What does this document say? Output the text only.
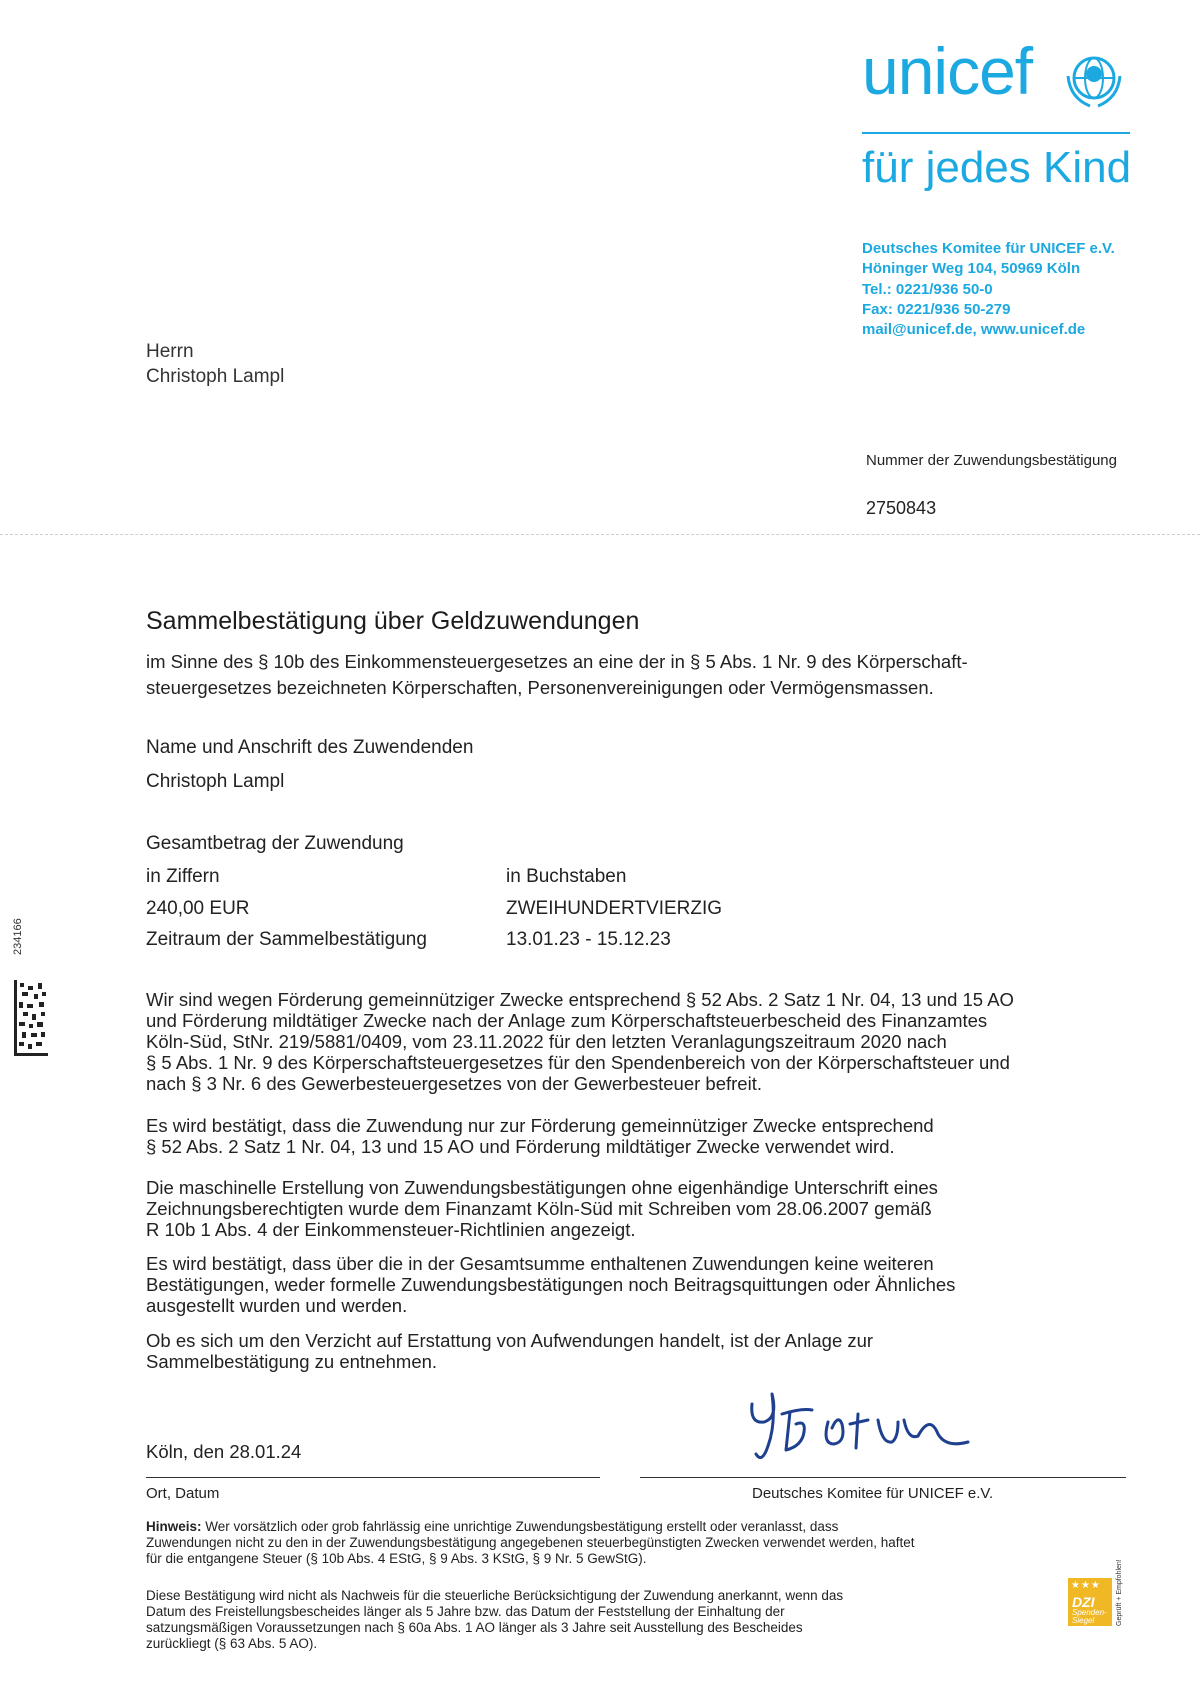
unicef
für jedes Kind
Deutsches Komitee für UNICEF e.V.
Höninger Weg 104, 50969 Köln
Tel.: 0221/936 50-0
Fax: 0221/936 50-279
mail@unicef.de, www.unicef.de
Herrn
Christoph Lampl
Nummer der Zuwendungsbestätigung
2750843
Sammelbestätigung über Geldzuwendungen
im Sinne des § 10b des Einkommensteuergesetzes an eine der in § 5 Abs. 1 Nr. 9 des Körperschaft-
steuergesetzes bezeichneten Körperschaften, Personenvereinigungen oder Vermögensmassen.
Name und Anschrift des Zuwendenden
Christoph Lampl
Gesamtbetrag der Zuwendung
in Ziffern	in Buchstaben
240,00 EUR	ZWEIHUNDERTVIERZIG
Zeitraum der Sammelbestätigung	13.01.23 - 15.12.23
234166
Wir sind wegen Förderung gemeinnütziger Zwecke entsprechend § 52 Abs. 2 Satz 1 Nr. 04, 13 und 15 AO
und Förderung mildtätiger Zwecke nach der Anlage zum Körperschaftsteuerbescheid des Finanzamtes
Köln-Süd, StNr. 219/5881/0409, vom 23.11.2022 für den letzten Veranlagungszeitraum 2020 nach
§ 5 Abs. 1 Nr. 9 des Körperschaftsteuergesetzes für den Spendenbereich von der Körperschaftsteuer und
nach § 3 Nr. 6 des Gewerbesteuergesetzes von der Gewerbesteuer befreit.
Es wird bestätigt, dass die Zuwendung nur zur Förderung gemeinnütziger Zwecke entsprechend
§ 52 Abs. 2 Satz 1 Nr. 04, 13 und 15 AO und Förderung mildtätiger Zwecke verwendet wird.
Die maschinelle Erstellung von Zuwendungsbestätigungen ohne eigenhändige Unterschrift eines
Zeichnungsberechtigten wurde dem Finanzamt Köln-Süd mit Schreiben vom 28.06.2007 gemäß
R 10b 1 Abs. 4 der Einkommensteuer-Richtlinien angezeigt.
Es wird bestätigt, dass über die in der Gesamtsumme enthaltenen Zuwendungen keine weiteren
Bestätigungen, weder formelle Zuwendungsbestätigungen noch Beitragsquittungen oder Ähnliches
ausgestellt wurden und werden.
Ob es sich um den Verzicht auf Erstattung von Aufwendungen handelt, ist der Anlage zur
Sammelbestätigung zu entnehmen.
Köln, den 28.01.24
Ort, Datum	Deutsches Komitee für UNICEF e.V.
Hinweis: Wer vorsätzlich oder grob fahrlässig eine unrichtige Zuwendungsbestätigung erstellt oder veranlasst, dass
Zuwendungen nicht zu den in der Zuwendungsbestätigung angegebenen steuerbegünstigten Zwecken verwendet werden, haftet
für die entgangene Steuer (§ 10b Abs. 4 EStG, § 9 Abs. 3 KStG, § 9 Nr. 5 GewStG).
Diese Bestätigung wird nicht als Nachweis für die steuerliche Berücksichtigung der Zuwendung anerkannt, wenn das
Datum des Freistellungsbescheides länger als 5 Jahre bzw. das Datum der Feststellung der Einhaltung der
satzungsmäßigen Voraussetzungen nach § 60a Abs. 1 AO länger als 3 Jahre seit Ausstellung des Bescheides
zurückliegt (§ 63 Abs. 5 AO).
★★★
DZI
Spenden-
Siegel	Geprüft + Empfohlen!
